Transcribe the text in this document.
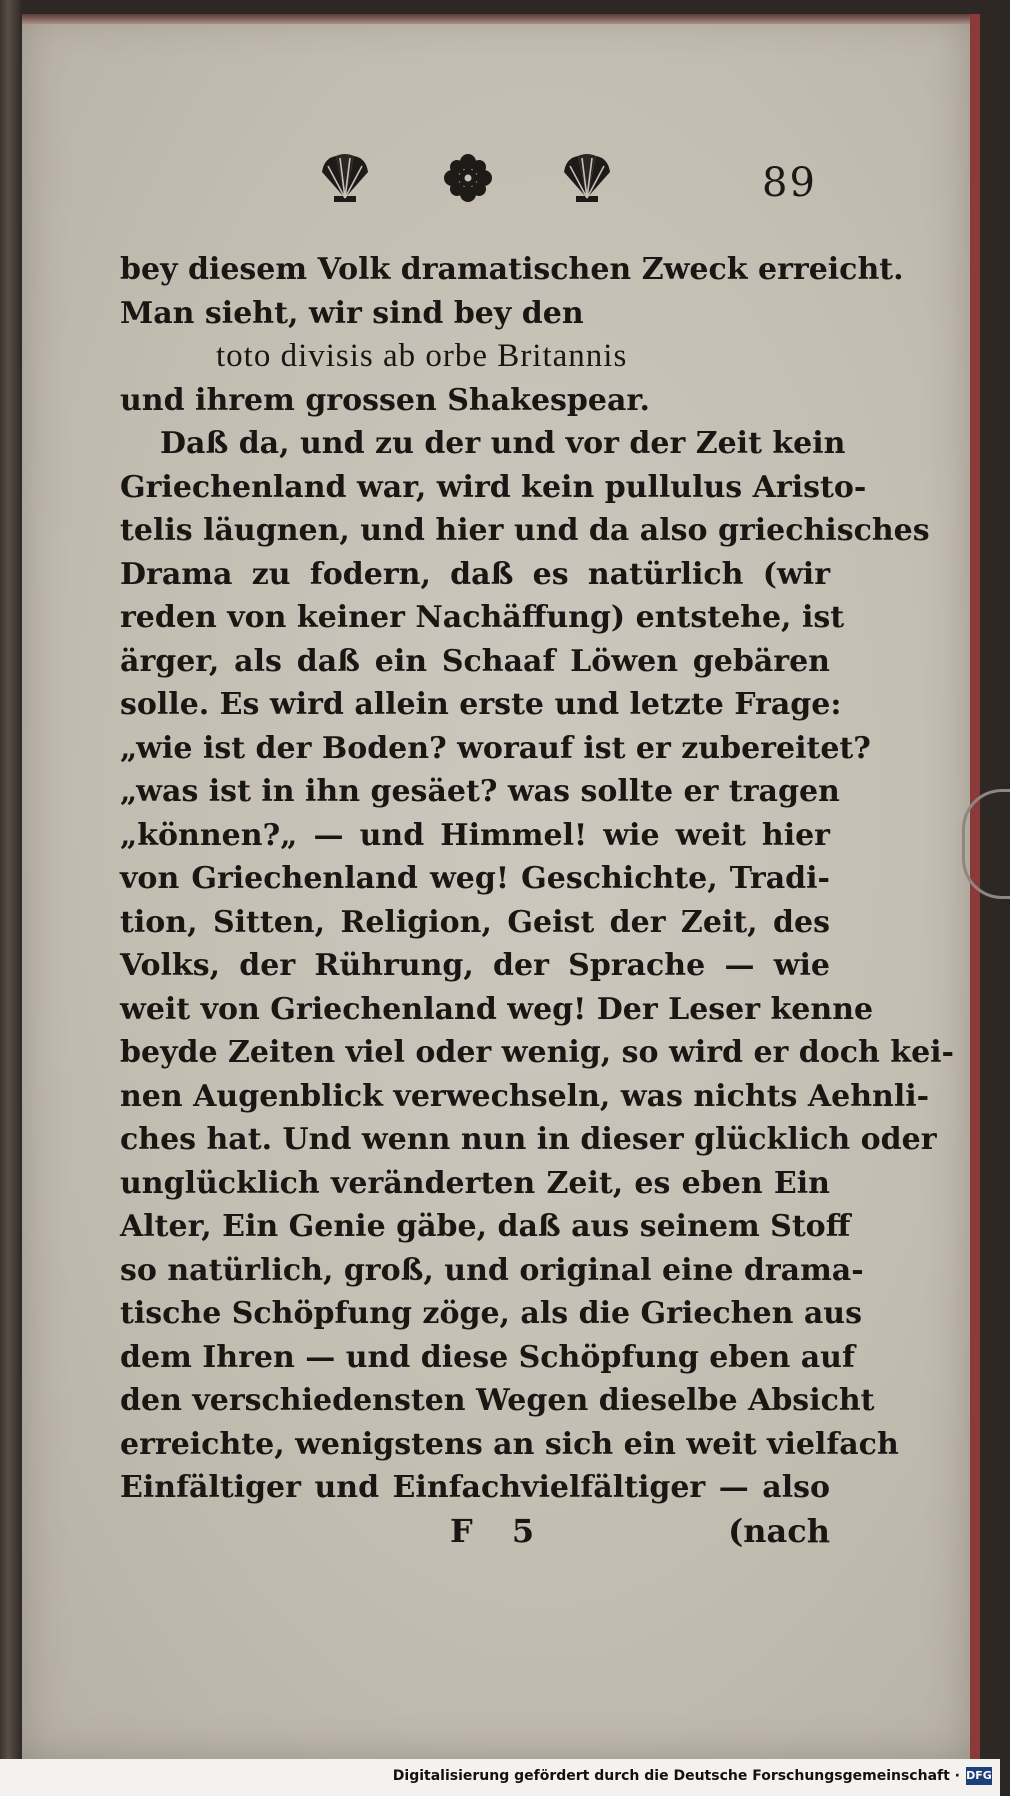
89
bey diesem Volk dramatischen Zweck erreicht.
Man sieht, wir sind bey den
toto divisis ab orbe Britannis
und ihrem grossen Shakespear.
Daß da, und zu der und vor der Zeit kein
Griechenland war, wird kein pullulus Aristo-
telis läugnen, und hier und da also griechisches
Drama zu fodern, daß es natürlich (wir
reden von keiner Nachäffung) entstehe, ist
ärger, als daß ein Schaaf Löwen gebären
solle. Es wird allein erste und letzte Frage:
„wie ist der Boden? worauf ist er zubereitet?
„was ist in ihn gesäet? was sollte er tragen
„können?„ — und Himmel! wie weit hier
von Griechenland weg! Geschichte, Tradi-
tion, Sitten, Religion, Geist der Zeit, des
Volks, der Rührung, der Sprache — wie
weit von Griechenland weg! Der Leser kenne
beyde Zeiten viel oder wenig, so wird er doch kei-
nen Augenblick verwechseln, was nichts Aehnli-
ches hat. Und wenn nun in dieser glücklich oder
unglücklich veränderten Zeit, es eben Ein
Alter, Ein Genie gäbe, daß aus seinem Stoff
so natürlich, groß, und original eine drama-
tische Schöpfung zöge, als die Griechen aus
dem Ihren — und diese Schöpfung eben auf
den verschiedensten Wegen dieselbe Absicht
erreichte, wenigstens an sich ein weit vielfach
Einfältiger und Einfachvielfältiger — also
F 5	(nach
Digitalisierung gefördert durch die Deutsche Forschungsgemeinschaft · DFG
